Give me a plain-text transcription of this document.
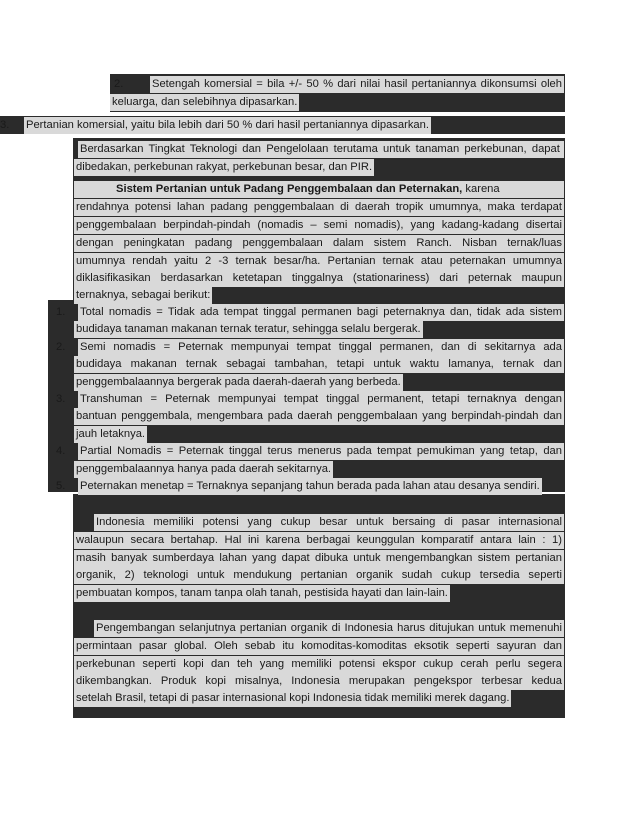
2.	Setengah komersial = bila +/- 50 % dari nilai hasil pertaniannya dikonsumsi oleh
keluarga, dan selebihnya dipasarkan.
3. Pertanian komersial, yaitu bila lebih dari 50 % dari hasil pertaniannya dipasarkan.
Berdasarkan Tingkat Teknologi dan Pengelolaan terutama untuk tanaman perkebunan, dapat
dibedakan, perkebunan rakyat, perkebunan besar, dan PIR.
Sistem Pertanian untuk Padang Penggembalaan dan Peternakan, karena
rendahnya potensi lahan padang penggembalaan di daerah tropik umumnya, maka terdapat
penggembalaan berpindah-pindah (nomadis – semi nomadis), yang kadang-kadang disertai
dengan peningkatan padang penggembalaan dalam sistem Ranch. Nisban ternak/luas
umumnya rendah yaitu 2 -3 ternak besar/ha. Pertanian ternak atau peternakan umumnya
diklasifikasikan berdasarkan ketetapan tinggalnya (stationariness) dari peternak maupun
ternaknya, sebagai berikut:
1. Total nomadis = Tidak ada tempat tinggal permanen bagi peternaknya dan, tidak ada sistem
budidaya tanaman makanan ternak teratur, sehingga selalu bergerak.
2. Semi nomadis = Peternak mempunyai tempat tinggal permanen, dan di sekitarnya ada
budidaya makanan ternak sebagai tambahan, tetapi untuk waktu lamanya, ternak dan
penggembalaannya bergerak pada daerah-daerah yang berbeda.
3. Transhuman = Peternak mempunyai tempat tinggal permanent, tetapi ternaknya dengan
bantuan penggembala, mengembara pada daerah penggembalaan yang berpindah-pindah dan
jauh letaknya.
4. Partial Nomadis = Peternak tinggal terus menerus pada tempat pemukiman yang tetap, dan
penggembalaannya hanya pada daerah sekitarnya.
5. Peternakan menetap = Ternaknya sepanjang tahun berada pada lahan atau desanya sendiri.
Indonesia memiliki potensi yang cukup besar untuk bersaing di pasar internasional
walaupun secara bertahap. Hal ini karena berbagai keunggulan komparatif antara lain : 1)
masih banyak sumberdaya lahan yang dapat dibuka untuk mengembangkan sistem pertanian
organik, 2) teknologi untuk mendukung pertanian organik sudah cukup tersedia seperti
pembuatan kompos, tanam tanpa olah tanah, pestisida hayati dan lain-lain.
Pengembangan selanjutnya pertanian organik di Indonesia harus ditujukan untuk memenuhi
permintaan pasar global. Oleh sebab itu komoditas-komoditas eksotik seperti sayuran dan
perkebunan seperti kopi dan teh yang memiliki potensi ekspor cukup cerah perlu segera
dikembangkan. Produk kopi misalnya, Indonesia merupakan pengekspor terbesar kedua
setelah Brasil, tetapi di pasar internasional kopi Indonesia tidak memiliki merek dagang.
